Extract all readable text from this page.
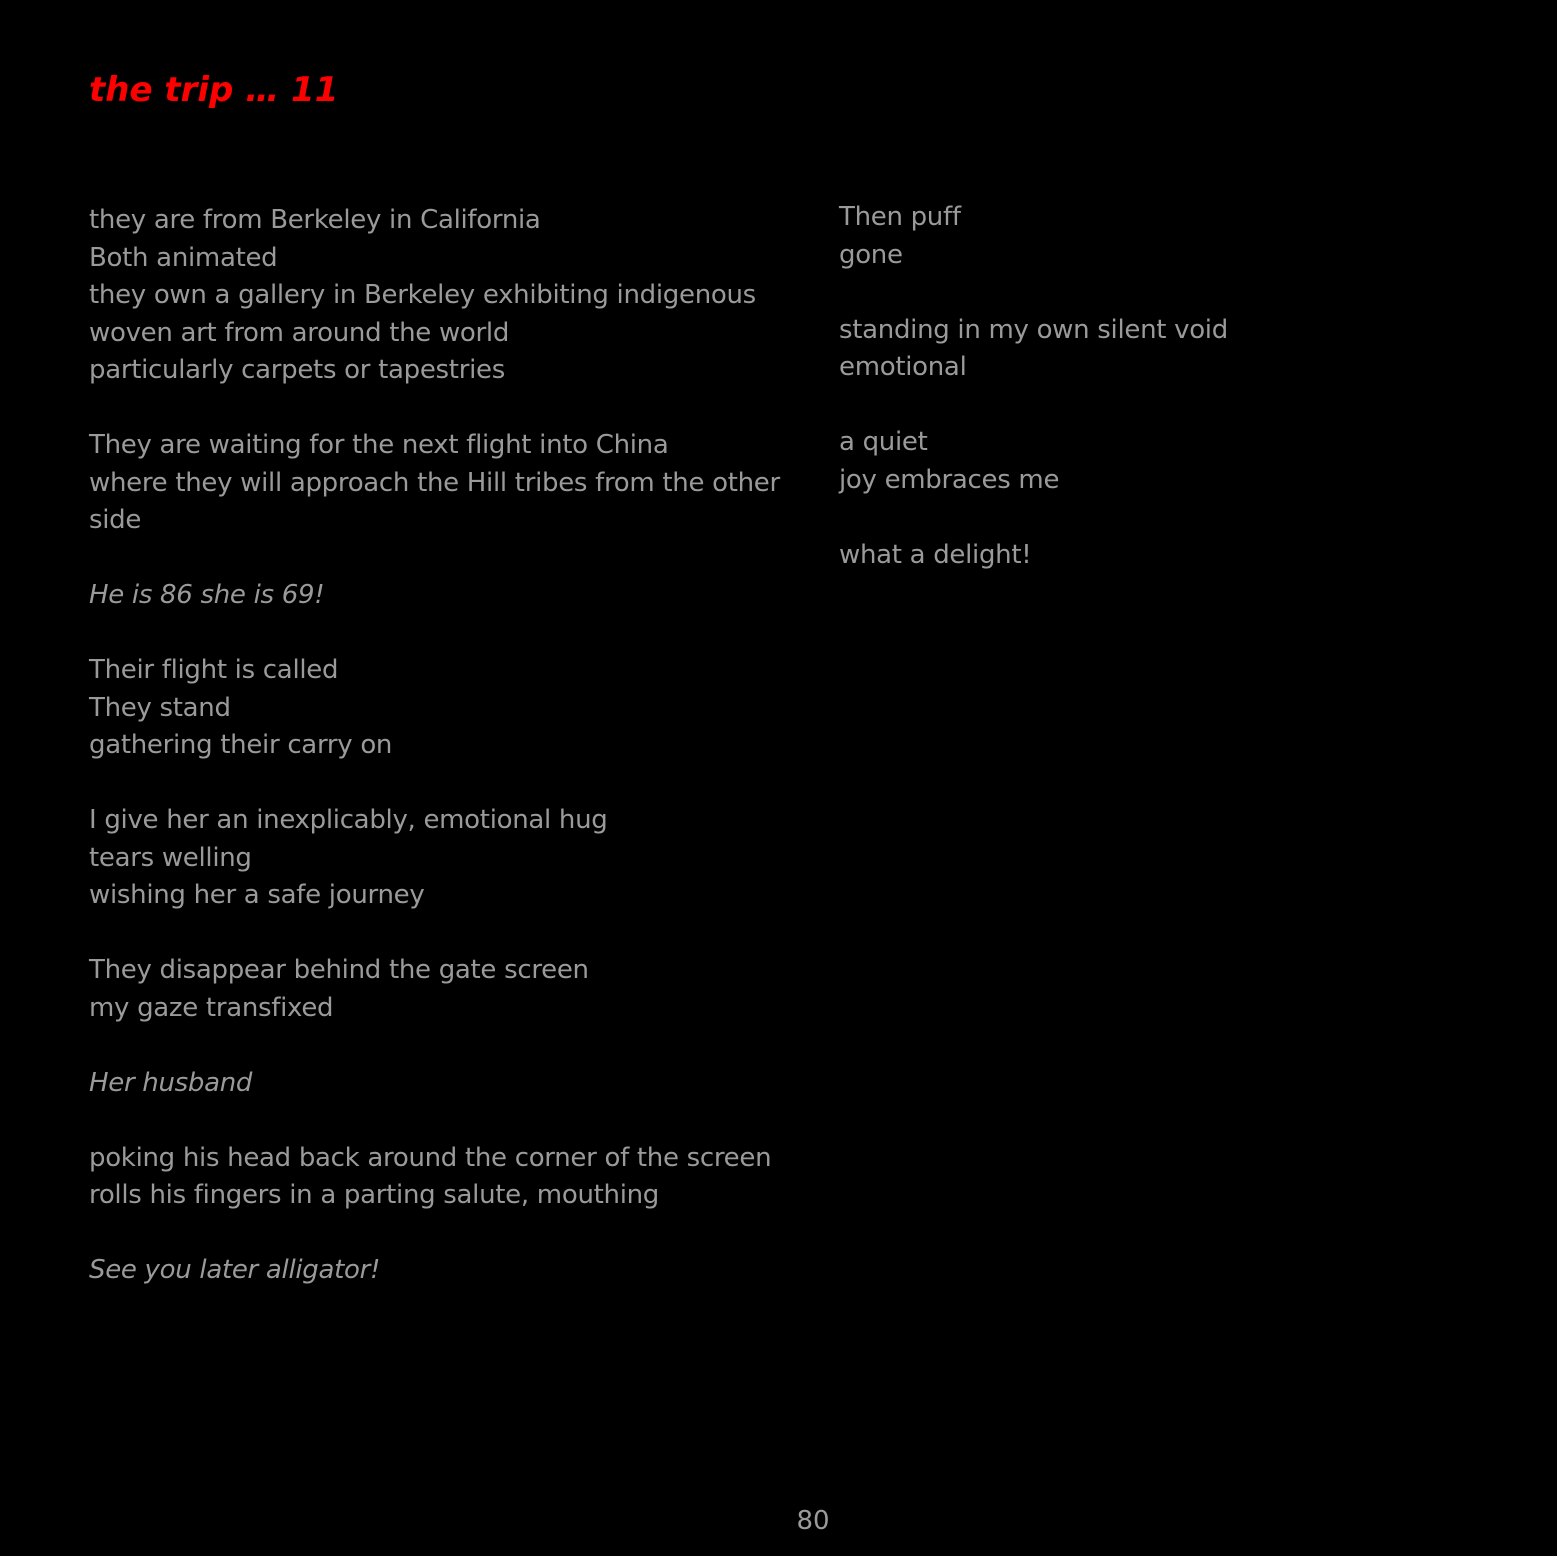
the trip … 11

they are from Berkeley in California
Both animated
they own a gallery in Berkeley exhibiting indigenous
woven art from around the world
particularly carpets or tapestries

They are waiting for the next flight into China
where they will approach the Hill tribes from the other
side

He is 86 she is 69!

Their flight is called
They stand
gathering their carry on

I give her an inexplicably, emotional hug
tears welling
wishing her a safe journey

They disappear behind the gate screen
my gaze transfixed

Her husband

poking his head back around the corner of the screen
rolls his fingers in a parting salute, mouthing

See you later alligator!

Then puff
gone

standing in my own silent void
emotional

a quiet
joy embraces me

what a delight!

80
